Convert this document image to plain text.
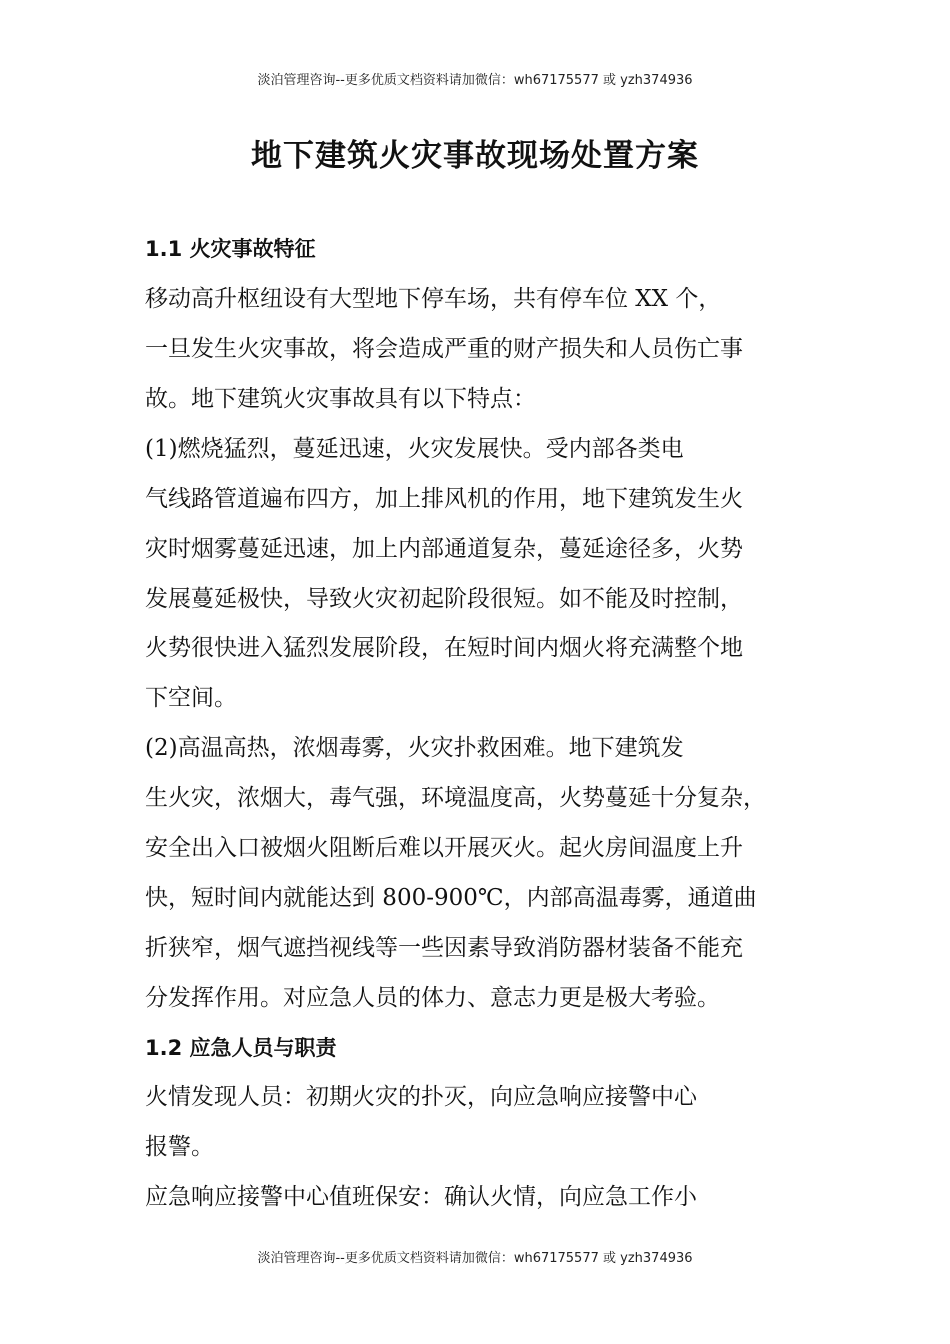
淡泊管理咨询--更多优质文档资料请加微信：wh67175577 或 yzh374936
地下建筑火灾事故现场处置方案
1.1 火灾事故特征
移动高升枢纽设有大型地下停车场，共有停车位 XX 个，
一旦发生火灾事故，将会造成严重的财产损失和人员伤亡事
故。地下建筑火灾事故具有以下特点：
(1)燃烧猛烈，蔓延迅速，火灾发展快。受内部各类电
气线路管道遍布四方，加上排风机的作用，地下建筑发生火
灾时烟雾蔓延迅速，加上内部通道复杂，蔓延途径多，火势
发展蔓延极快，导致火灾初起阶段很短。如不能及时控制，
火势很快进入猛烈发展阶段，在短时间内烟火将充满整个地
下空间。
(2)高温高热，浓烟毒雾，火灾扑救困难。地下建筑发
生火灾，浓烟大，毒气强，环境温度高，火势蔓延十分复杂，
安全出入口被烟火阻断后难以开展灭火。起火房间温度上升
快，短时间内就能达到 800-900℃，内部高温毒雾，通道曲
折狭窄，烟气遮挡视线等一些因素导致消防器材装备不能充
分发挥作用。对应急人员的体力、意志力更是极大考验。
1.2 应急人员与职责
火情发现人员：初期火灾的扑灭，向应急响应接警中心
报警。
应急响应接警中心值班保安：确认火情，向应急工作小
淡泊管理咨询--更多优质文档资料请加微信：wh67175577 或 yzh374936
